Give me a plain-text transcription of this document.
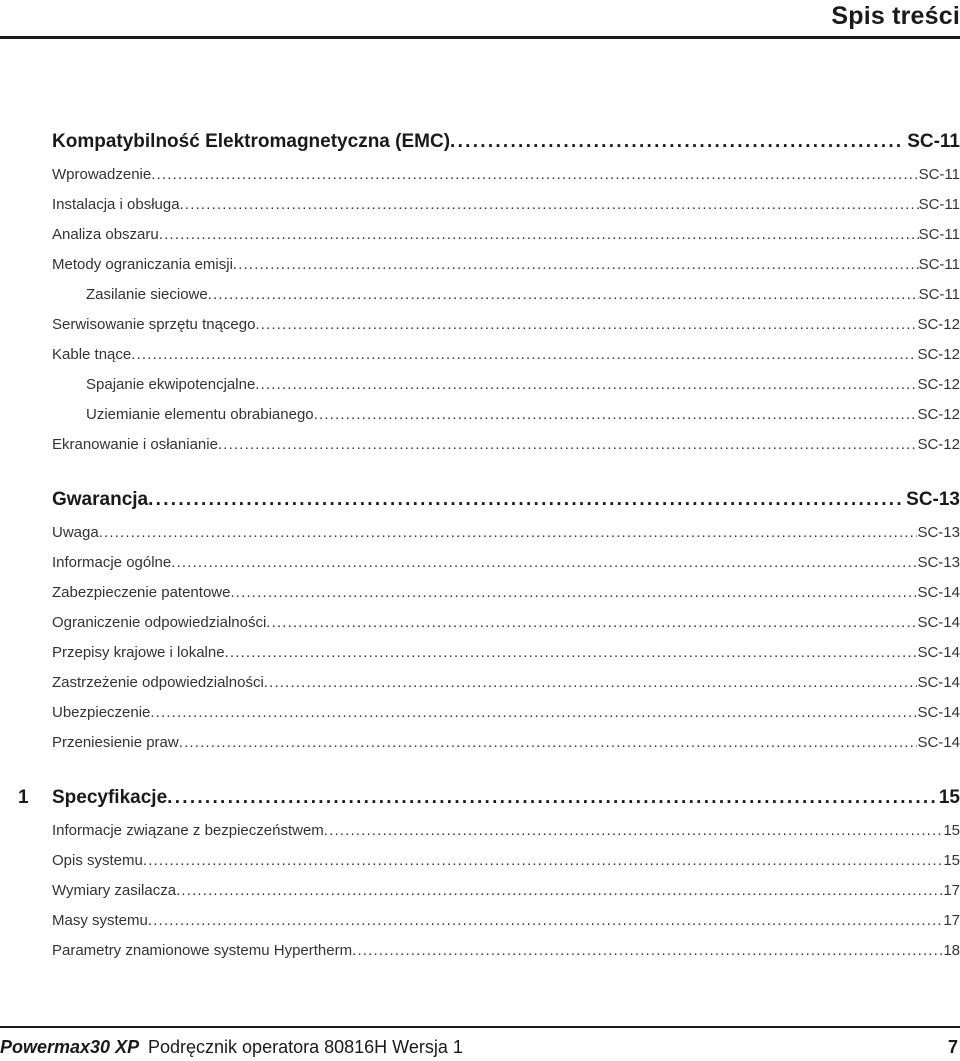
Spis treści
Kompatybilność Elektromagnetyczna (EMC) . . .	SC-11
Wprowadzenie . . .	SC-11
Instalacja i obsługa . . .	SC-11
Analiza obszaru . . .	SC-11
Metody ograniczania emisji . . .	SC-11
Zasilanie sieciowe . . .	SC-11
Serwisowanie sprzętu tnącego . . .	SC-12
Kable tnące . . .	SC-12
Spajanie ekwipotencjalne . . .	SC-12
Uziemianie elementu obrabianego . . .	SC-12
Ekranowanie i osłanianie . . .	SC-12
Gwarancja . . .	SC-13
Uwaga . . .	SC-13
Informacje ogólne . . .	SC-13
Zabezpieczenie patentowe . . .	SC-14
Ograniczenie odpowiedzialności . . .	SC-14
Przepisy krajowe i lokalne . . .	SC-14
Zastrzeżenie odpowiedzialności . . .	SC-14
Ubezpieczenie . . .	SC-14
Przeniesienie praw . . .	SC-14
1	Specyfikacje . . .	15
Informacje związane z bezpieczeństwem . . .	15
Opis systemu . . .	15
Wymiary zasilacza . . .	17
Masy systemu . . .	17
Parametry znamionowe systemu Hypertherm . . .	18
Powermax30 XP Podręcznik operatora 80816H Wersja 1	7
